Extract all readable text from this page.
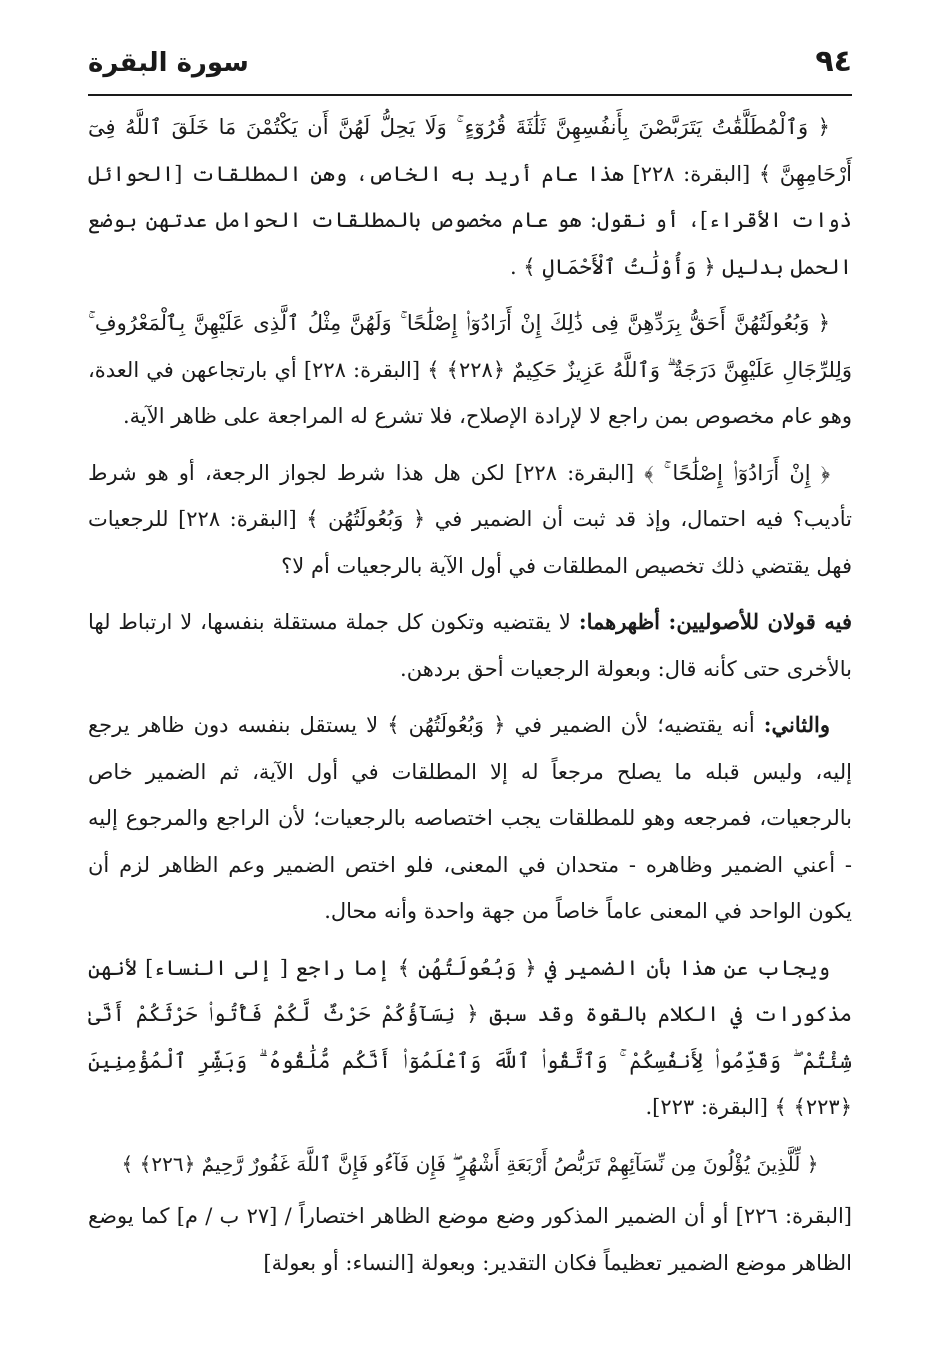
٩٤
سورة البقرة

﴿ وَٱلْمُطَلَّقَٰتُ يَتَرَبَّصْنَ بِأَنفُسِهِنَّ ثَلَٰثَةَ قُرُوٓءٍ ۚ وَلَا يَحِلُّ لَهُنَّ أَن يَكْتُمْنَ مَا خَلَقَ ٱللَّهُ فِىٓ أَرْحَامِهِنَّ ﴾ [البقرة: ٢٢٨] هذا عام أريد به الخاص، وهن المطلقات [الحوائل ذوات الأقراء]، أو نقول: هو عام مخصوص بالمطلقات الحوامل عدتهن بوضع الحمل بدليل ﴿ وَأُوْلَٰتُ ٱلْأَحْمَالِ ﴾ .

﴿ وَبُعُولَتُهُنَّ أَحَقُّ بِرَدِّهِنَّ فِى ذَٰلِكَ إِنْ أَرَادُوٓا۟ إِصْلَٰحًا ۚ وَلَهُنَّ مِثْلُ ٱلَّذِى عَلَيْهِنَّ بِٱلْمَعْرُوفِ ۚ وَلِلرِّجَالِ عَلَيْهِنَّ دَرَجَةٌ ۗ وَٱللَّهُ عَزِيزٌ حَكِيمٌ ﴿٢٢٨﴾ ﴾ [البقرة: ٢٢٨] أي بارتجاعهن في العدة، وهو عام مخصوص بمن راجع لا لإرادة الإصلاح، فلا تشرع له المراجعة على ظاهر الآية.

﴿ إِنْ أَرَادُوٓا۟ إِصْلَٰحًا ۚ ﴾ [البقرة: ٢٢٨] لكن هل هذا شرط لجواز الرجعة، أو هو شرط تأديب؟ فيه احتمال، وإذ قد ثبت أن الضمير في ﴿ وَبُعُولَتُهُن ﴾ [البقرة: ٢٢٨] للرجعيات فهل يقتضي ذلك تخصيص المطلقات في أول الآية بالرجعيات أم لا؟

فيه قولان للأصوليين: أظهرهما: لا يقتضيه وتكون كل جملة مستقلة بنفسها، لا ارتباط لها بالأخرى حتى كأنه قال: وبعولة الرجعيات أحق بردهن.

والثاني: أنه يقتضيه؛ لأن الضمير في ﴿ وَبُعُولَتُهُن ﴾ لا يستقل بنفسه دون ظاهر يرجع إليه، وليس قبله ما يصلح مرجعاً له إلا المطلقات في أول الآية، ثم الضمير خاص بالرجعيات، فمرجعه وهو للمطلقات يجب اختصاصه بالرجعيات؛ لأن الراجع والمرجوع إليه - أعني الضمير وظاهره - متحدان في المعنى، فلو اختص الضمير وعم الظاهر لزم أن يكون الواحد في المعنى عاماً خاصاً من جهة واحدة وأنه محال.

ويجاب عن هذا بأن الضمير في ﴿ وَبُعُولَتُهُن ﴾ إما راجع [ إلى النساء] لأنهن مذكورات في الكلام بالقوة وقد سبق ﴿ نِسَآؤُكُمْ حَرْثٌ لَّكُمْ فَأْتُوا۟ حَرْثَكُمْ أَنَّىٰ شِئْتُمْ ۖ وَقَدِّمُوا۟ لِأَنفُسِكُمْ ۚ وَٱتَّقُوا۟ ٱللَّهَ وَٱعْلَمُوٓا۟ أَنَّكُم مُّلَٰقُوهُ ۗ وَبَشِّرِ ٱلْمُؤْمِنِينَ ﴿٢٢٣﴾ ﴾ [البقرة: ٢٢٣].

﴿ لِّلَّذِينَ يُؤْلُونَ مِن نِّسَآئِهِمْ تَرَبُّصُ أَرْبَعَةِ أَشْهُرٍ ۖ فَإِن فَآءُو فَإِنَّ ٱللَّهَ غَفُورٌ رَّحِيمٌ ﴿٢٢٦﴾ ﴾

[البقرة: ٢٢٦] أو أن الضمير المذكور وضع موضع الظاهر اختصاراً / [٢٧ ب / م] كما يوضع الظاهر موضع الضمير تعظيماً فكان التقدير: وبعولة [النساء: أو بعولة]
